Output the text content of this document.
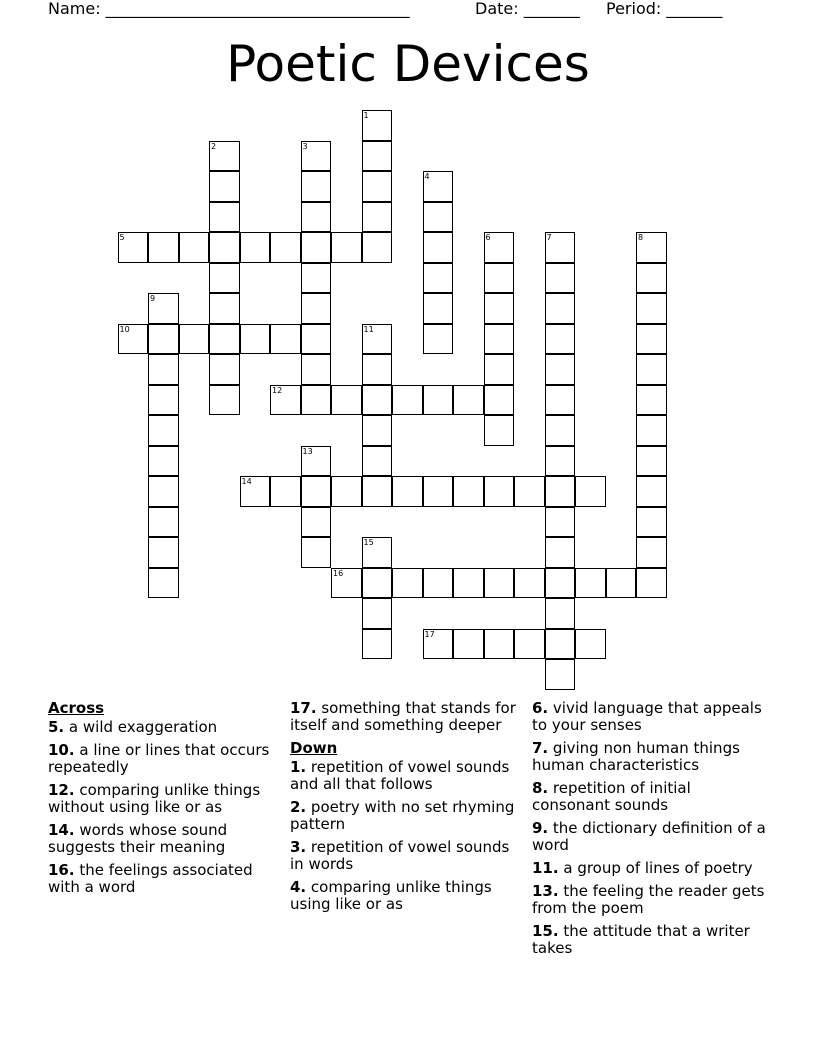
Name: ______________________________________	Date: _______ Period: _______
Poetic Devices
1
2	3
4
5	6	7	8
9
10	11
12
13
14
15
16
17
Across
5. a wild exaggeration
10. a line or lines that occurs repeatedly
12. comparing unlike things without using like or as
14. words whose sound suggests their meaning
16. the feelings associated with a word
17. something that stands for itself and something deeper
Down
1. repetition of vowel sounds and all that follows
2. poetry with no set rhyming pattern
3. repetition of vowel sounds in words
4. comparing unlike things using like or as
6. vivid language that appeals to your senses
7. giving non human things human characteristics
8. repetition of initial consonant sounds
9. the dictionary definition of a word
11. a group of lines of poetry
13. the feeling the reader gets from the poem
15. the attitude that a writer takes
